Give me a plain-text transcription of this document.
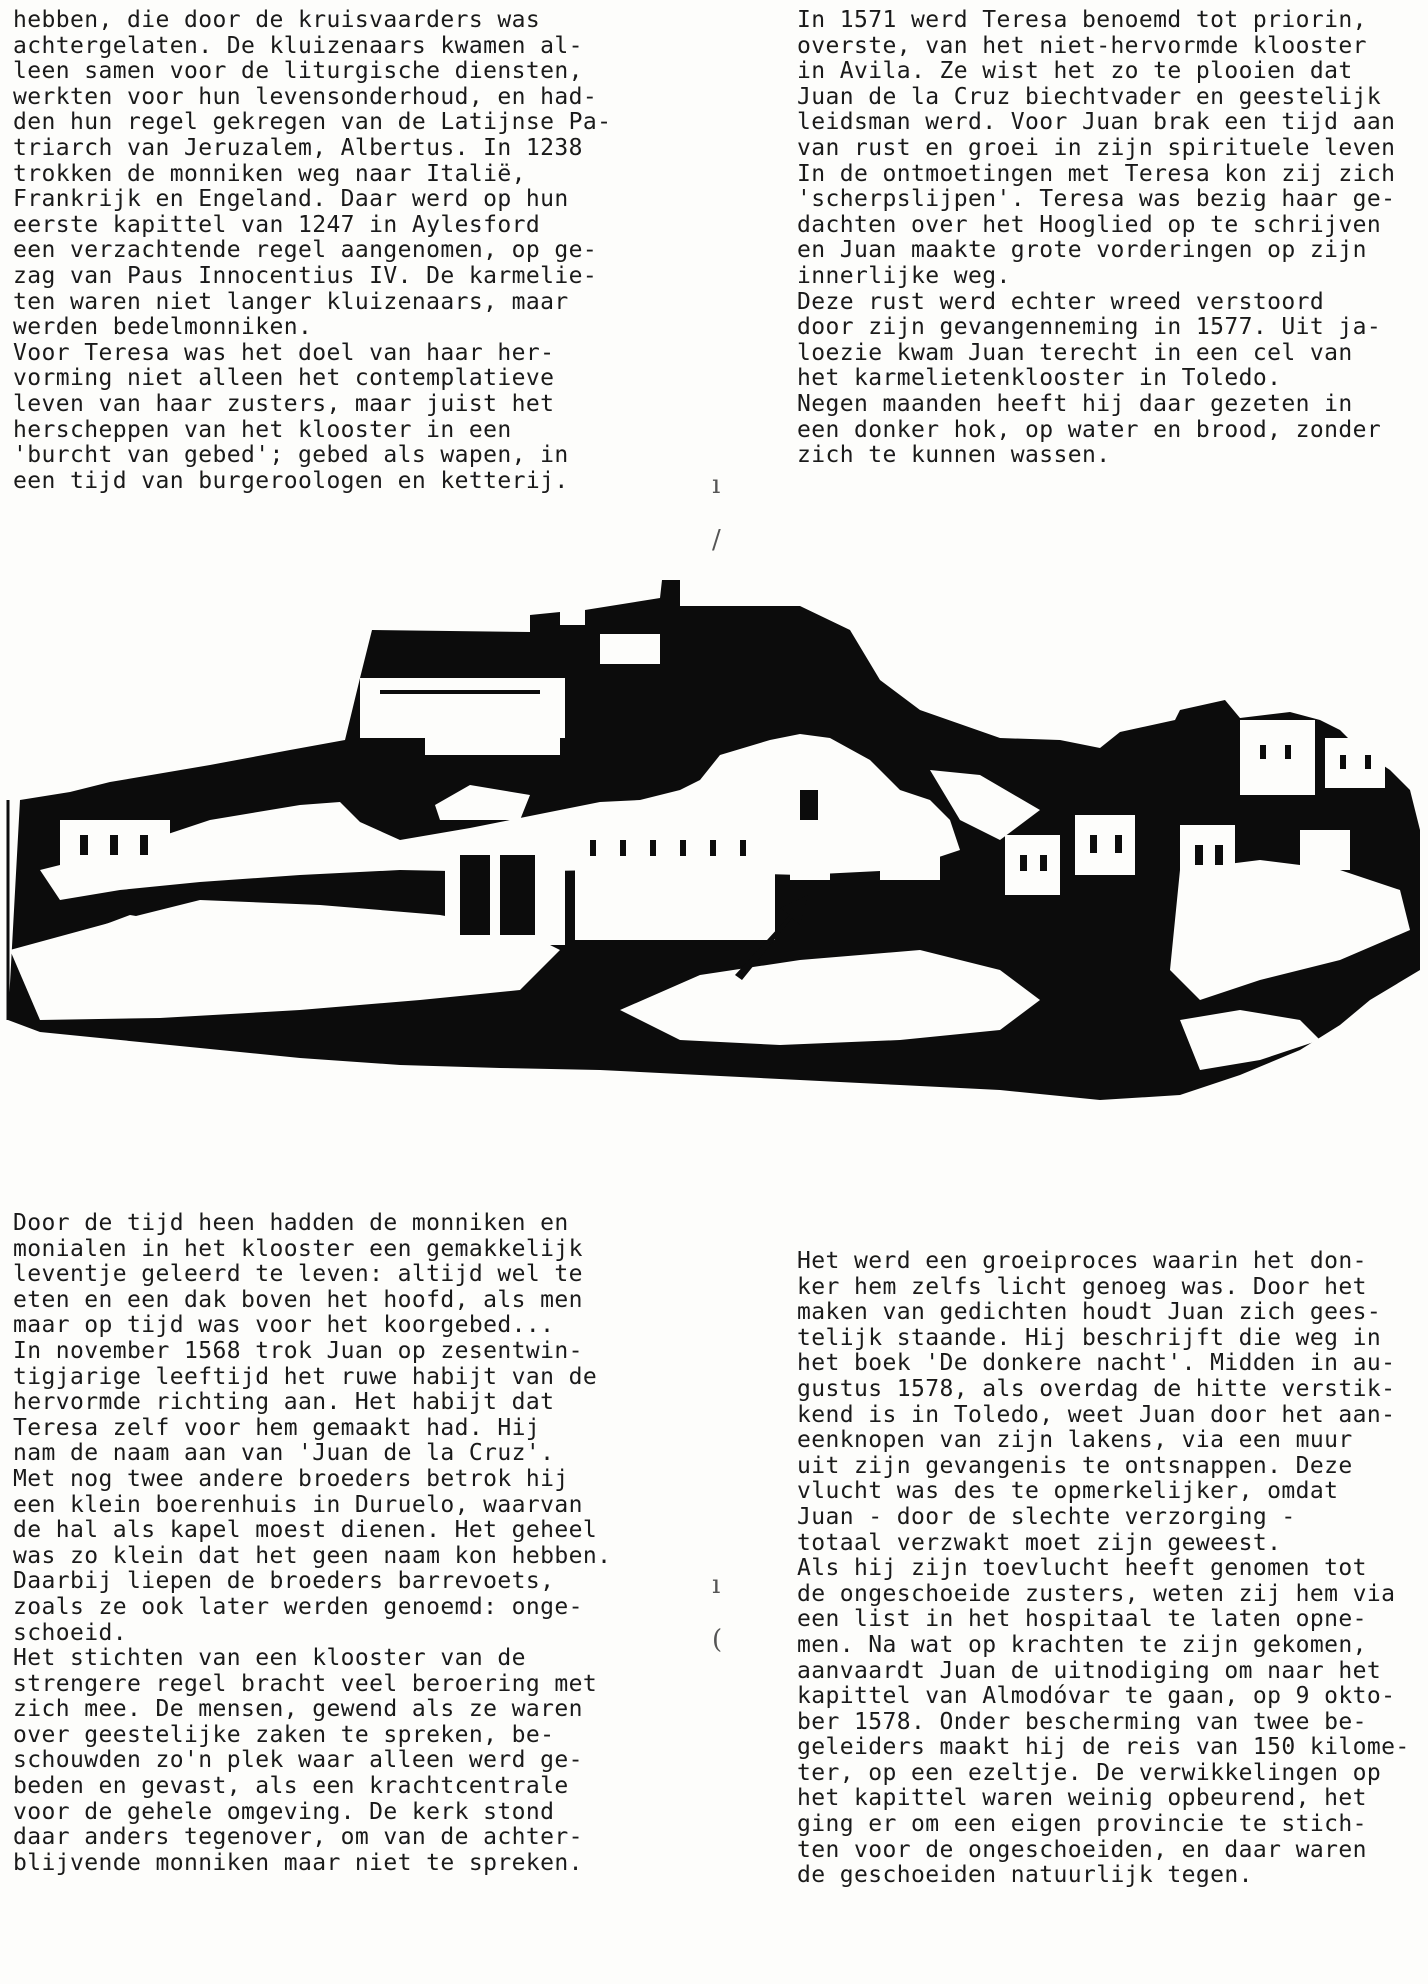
hebben, die door de kruisvaarders was
achtergelaten. De kluizenaars kwamen al-
leen samen voor de liturgische diensten,
werkten voor hun levensonderhoud, en had-
den hun regel gekregen van de Latijnse Pa-
triarch van Jeruzalem, Albertus. In 1238
trokken de monniken weg naar Italië,
Frankrijk en Engeland. Daar werd op hun
eerste kapittel van 1247 in Aylesford
een verzachtende regel aangenomen, op ge-
zag van Paus Innocentius IV. De karmelie-
ten waren niet langer kluizenaars, maar
werden bedelmonniken.
Voor Teresa was het doel van haar her-
vorming niet alleen het contemplatieve
leven van haar zusters, maar juist het
herscheppen van het klooster in een
'burcht van gebed'; gebed als wapen, in
een tijd van burgeroologen en ketterij.
In 1571 werd Teresa benoemd tot priorin,
overste, van het niet-hervormde klooster
in Avila. Ze wist het zo te plooien dat
Juan de la Cruz biechtvader en geestelijk
leidsman werd. Voor Juan brak een tijd aan
van rust en groei in zijn spirituele leven
In de ontmoetingen met Teresa kon zij zich
'scherpslijpen'. Teresa was bezig haar ge-
dachten over het Hooglied op te schrijven
en Juan maakte grote vorderingen op zijn
innerlijke weg.
Deze rust werd echter wreed verstoord
door zijn gevangenneming in 1577. Uit ja-
loezie kwam Juan terecht in een cel van
het karmelietenklooster in Toledo.
Negen maanden heeft hij daar gezeten in
een donker hok, op water en brood, zonder
zich te kunnen wassen.
Door de tijd heen hadden de monniken en
monialen in het klooster een gemakkelijk
leventje geleerd te leven: altijd wel te
eten en een dak boven het hoofd, als men
maar op tijd was voor het koorgebed...
In november 1568 trok Juan op zesentwin-
tigjarige leeftijd het ruwe habijt van de
hervormde richting aan. Het habijt dat
Teresa zelf voor hem gemaakt had. Hij
nam de naam aan van 'Juan de la Cruz'.
Met nog twee andere broeders betrok hij
een klein boerenhuis in Duruelo, waarvan
de hal als kapel moest dienen. Het geheel
was zo klein dat het geen naam kon hebben.
Daarbij liepen de broeders barrevoets,
zoals ze ook later werden genoemd: onge-
schoeid.
Het stichten van een klooster van de
strengere regel bracht veel beroering met
zich mee. De mensen, gewend als ze waren
over geestelijke zaken te spreken, be-
schouwden zo'n plek waar alleen werd ge-
beden en gevast, als een krachtcentrale
voor de gehele omgeving. De kerk stond
daar anders tegenover, om van de achter-
blijvende monniken maar niet te spreken.
Het werd een groeiproces waarin het don-
ker hem zelfs licht genoeg was. Door het
maken van gedichten houdt Juan zich gees-
telijk staande. Hij beschrijft die weg in
het boek 'De donkere nacht'. Midden in au-
gustus 1578, als overdag de hitte verstik-
kend is in Toledo, weet Juan door het aan-
eenknopen van zijn lakens, via een muur
uit zijn gevangenis te ontsnappen. Deze
vlucht was des te opmerkelijker, omdat
Juan - door de slechte verzorging -
totaal verzwakt moet zijn geweest.
Als hij zijn toevlucht heeft genomen tot
de ongeschoeide zusters, weten zij hem via
een list in het hospitaal te laten opne-
men. Na wat op krachten te zijn gekomen,
aanvaardt Juan de uitnodiging om naar het
kapittel van Almodóvar te gaan, op 9 okto-
ber 1578. Onder bescherming van twee be-
geleiders maakt hij de reis van 150 kilome-
ter, op een ezeltje. De verwikkelingen op
het kapittel waren weinig opbeurend, het
ging er om een eigen provincie te stich-
ten voor de ongeschoeiden, en daar waren
de geschoeiden natuurlijk tegen.
ı
/
ı
(
